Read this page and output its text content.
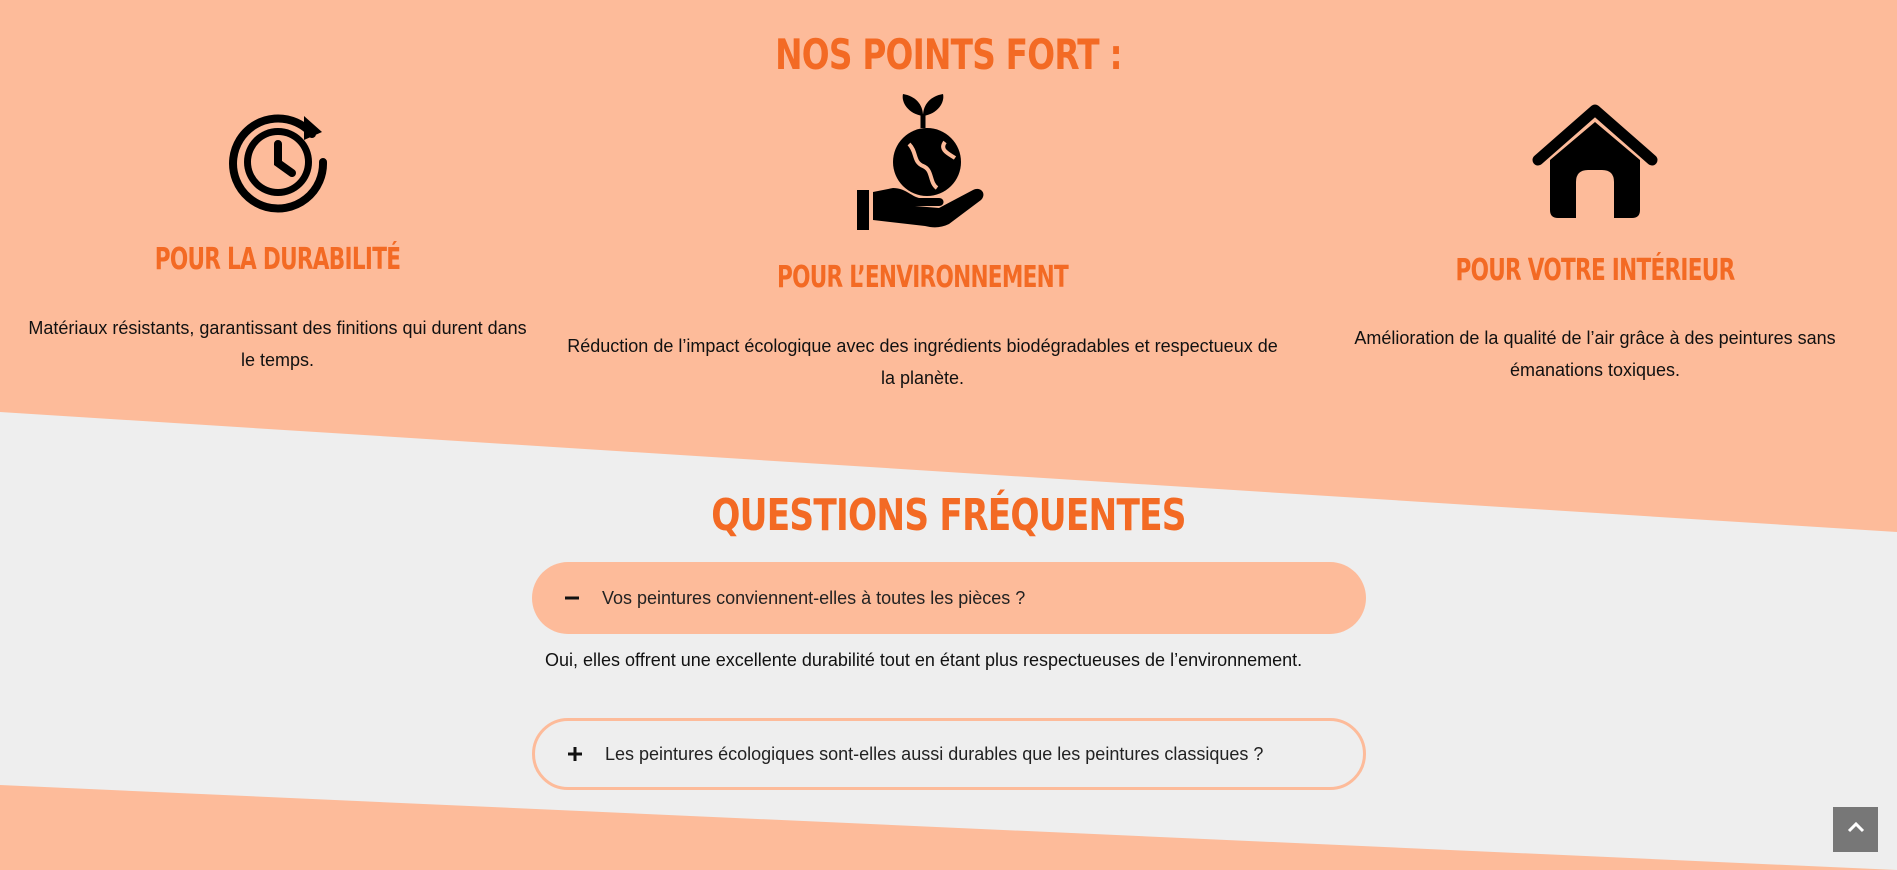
NOS POINTS FORT :
POUR LA DURABILITÉ

Matériaux résistants, garantissant des finitions qui durent dans le temps.

POUR L’ENVIRONNEMENT

Réduction de l’impact écologique avec des ingrédients biodégradables et respectueux de la planète.

POUR VOTRE INTÉRIEUR

Amélioration de la qualité de l’air grâce à des peintures sans émanations toxiques.

QUESTIONS FRÉQUENTES
Vos peintures conviennent-elles à toutes les pièces ?

Oui, elles offrent une excellente durabilité tout en étant plus respectueuses de l’environnement.

Les peintures écologiques sont-elles aussi durables que les peintures classiques ?
